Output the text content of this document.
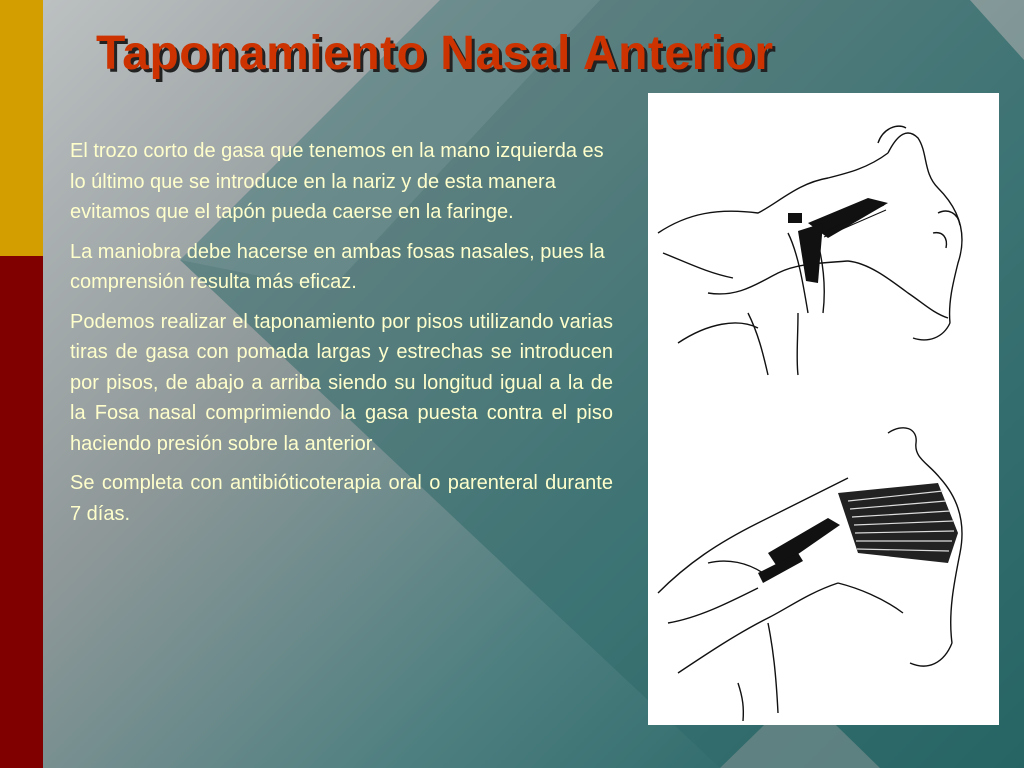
Taponamiento Nasal Anterior

El trozo corto de gasa que tenemos en la mano izquierda es lo último que se introduce en la nariz y de esta manera evitamos que el tapón pueda caerse en la faringe.

La maniobra debe hacerse en ambas fosas nasales, pues la comprensión resulta más eficaz.

Podemos realizar el taponamiento por pisos utilizando varias tiras de gasa con pomada largas y estrechas se introducen por pisos, de abajo a arriba siendo su longitud igual a la de la Fosa nasal comprimiendo la gasa puesta contra el piso haciendo presión sobre la anterior.

Se completa con antibióticoterapia oral o parenteral durante 7 días.
